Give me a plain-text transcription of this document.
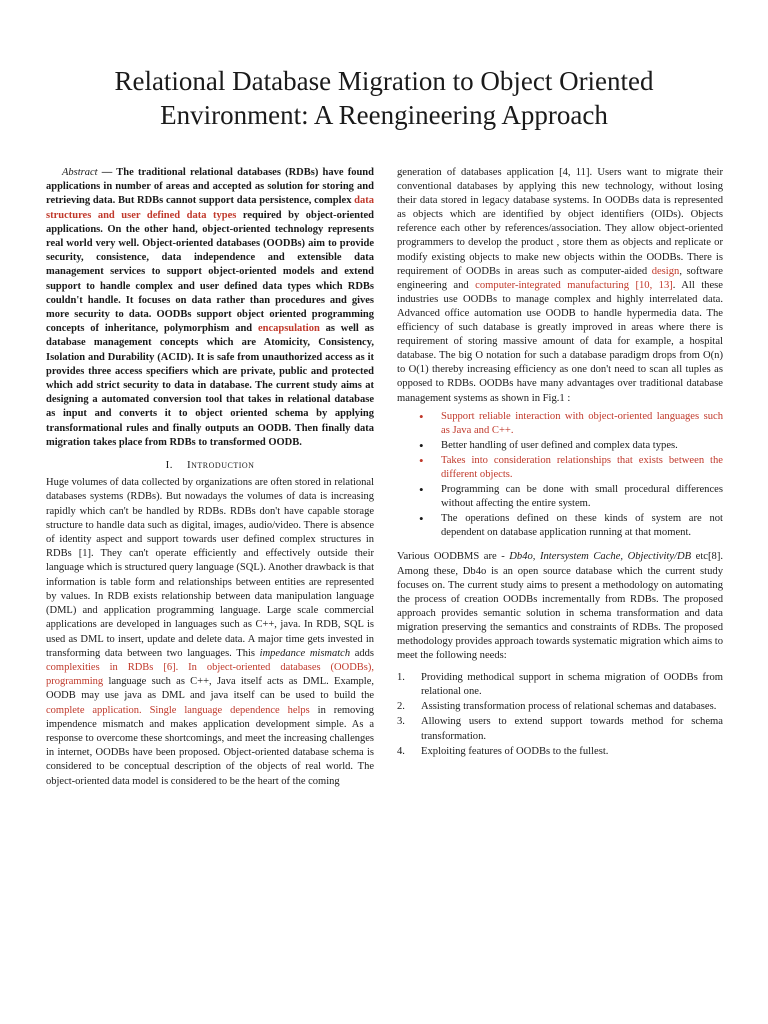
Relational Database Migration to Object Oriented Environment: A Reengineering Approach

Abstract — The traditional relational databases (RDBs) have found applications in number of areas and accepted as solution for storing and retrieving data. But RDBs cannot support data persistence, complex data structures and user defined data types required by object-oriented applications. On the other hand, object-oriented technology represents real world very well. Object-oriented databases (OODBs) aim to provide security, consistence, data independence and extensible data management services to support object-oriented models and extend support to handle complex and user defined data types which RDBs couldn't handle. It focuses on data rather than procedures and gives more security to data. OODBs support object oriented programming concepts of inheritance, polymorphism and encapsulation as well as database management concepts which are Atomicity, Consistency, Isolation and Durability (ACID). It is safe from unauthorized access as it provides three access specifiers which are private, public and protected which add strict security to data in database. The current study aims at designing a automated conversion tool that takes in relational database as input and converts it to object oriented schema by applying transformational rules and finally outputs an OODB. Then finally data migration takes place from RDBs to transformed OODB.

I. Introduction

Huge volumes of data collected by organizations are often stored in relational databases systems (RDBs). But nowadays the volumes of data is increasing rapidly which can't be handled by RDBs. RDBs don't have capable storage structure to handle data such as digital, images, audio/video. There is absence of identity aspect and support towards user defined complex structures in RDBs [1]. They can't operate efficiently and effectively outside their language which is structured query language (SQL). Another drawback is that information is table form and relationships between entities are represented by values. In RDB exists relationship between data manipulation language (DML) and application programming language. Large scale commercial applications are developed in languages such as C++, java. In RDB, SQL is used as DML to insert, update and delete data. A major time gets invested in transforming data between two languages. This impedance mismatch adds complexities in RDBs [6]. In object-oriented databases (OODBs), programming language such as C++, Java itself acts as DML. Example, OODB may use java as DML and java itself can be used to build the complete application. Single language dependence helps in removing impendence mismatch and makes application development simple. As a response to overcome these shortcomings, and meet the increasing challenges in internet, OODBs have been proposed. Object-oriented database schema is considered to be conceptual description of the objects of real world. The object-oriented data model is considered to be the heart of the coming

generation of databases application [4, 11]. Users want to migrate their conventional databases by applying this new technology, without losing their data stored in legacy database systems. In OODBs data is represented as objects which are identified by object identifiers (OIDs). Objects reference each other by references/association. They allow object-oriented programmers to develop the product , store them as objects and replicate or modify existing objects to make new objects within the OODBs. There is requirement of OODBs in areas such as computer-aided design, software engineering and computer-integrated manufacturing [10, 13]. All these industries use OODBs to manage complex and highly interrelated data. Advanced office automation use OODB to handle hypermedia data. The efficiency of such database is greatly improved in areas where there is requirement of storing massive amount of data for example, a hospital database. The big O notation for such a database paradigm drops from O(n) to O(1) thereby increasing efficiency as one don't need to scan all tuples as opposed to RDBs. OODBs have many advantages over traditional database management systems as shown in Fig.1 :

• Support reliable interaction with object-oriented languages such as Java and C++.
• Better handling of user defined and complex data types.
• Takes into consideration relationships that exists between the different objects.
• Programming can be done with small procedural differences without affecting the entire system.
• The operations defined on these kinds of system are not dependent on database application running at that moment.

Various OODBMS are - Db4o, Intersystem Cache, Objectivity/DB etc[8]. Among these, Db4o is an open source database which the current study focuses on. The current study aims to present a methodology on automating the process of creation OODBs incrementally from RDBs. The proposed approach provides semantic solution in schema transformation and data migration preserving the semantics and constraints of RDBs. The proposed methodology provides approach towards systematic migration which aims to meet the following needs:

1. Providing methodical support in schema migration of OODBs from relational one.
2. Assisting transformation process of relational schemas and databases.
3. Allowing users to extend support towards method for schema transformation.
4. Exploiting features of OODBs to the fullest.
